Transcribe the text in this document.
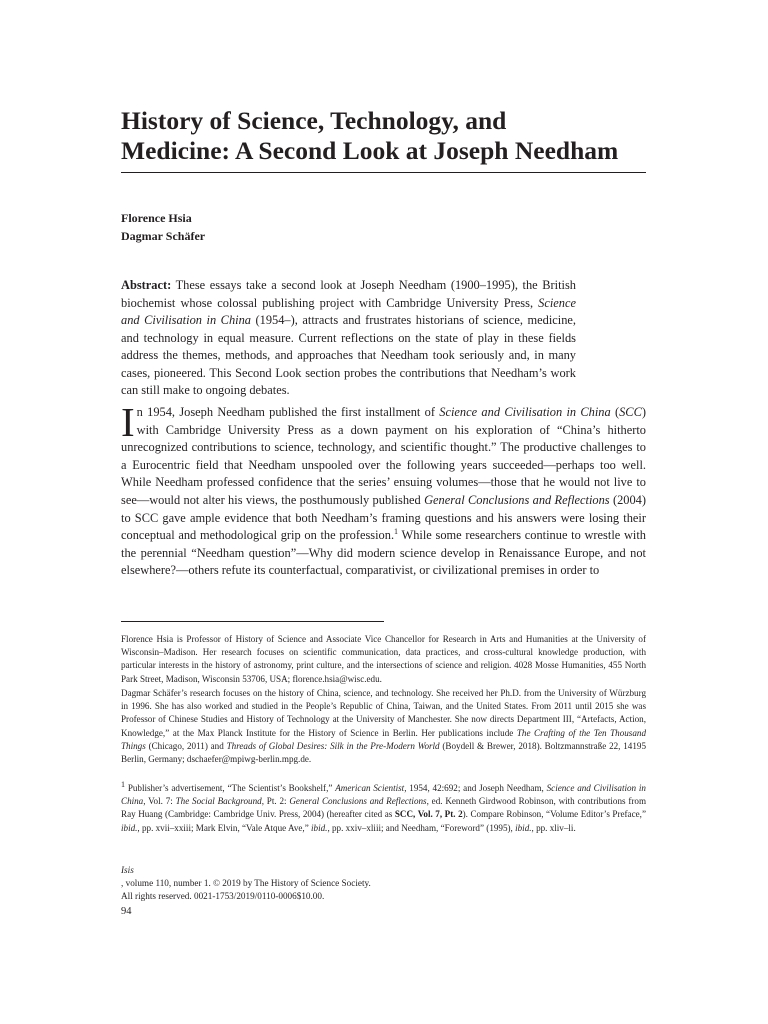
History of Science, Technology, and
Medicine: A Second Look at Joseph Needham
Florence Hsia
Dagmar Schäfer

Abstract: These essays take a second look at Joseph Needham (1900–1995), the British biochemist whose colossal publishing project with Cambridge University Press, Science and Civilisation in China (1954–), attracts and frustrates historians of science, medicine, and technology in equal measure. Current reflections on the state of play in these fields address the themes, methods, and approaches that Needham took seriously and, in many cases, pioneered. This Second Look section probes the contributions that Needham’s work can still make to ongoing debates.

In 1954, Joseph Needham published the first installment of Science and Civilisation in China (SCC) with Cambridge University Press as a down payment on his exploration of “China’s hitherto unrecognized contributions to science, technology, and scientific thought.” The productive challenges to a Eurocentric field that Needham unspooled over the following years succeeded—perhaps too well. While Needham professed confidence that the series’ ensuing volumes—those that he would not live to see—would not alter his views, the posthumously published General Conclusions and Reflections (2004) to SCC gave ample evidence that both Needham’s framing questions and his answers were losing their conceptual and methodological grip on the profession.$^1$ While some researchers continue to wrestle with the perennial “Needham question”—Why did modern science develop in Renaissance Europe, and not elsewhere?—others refute its counterfactual, comparativist, or civilizational premises in order to

Florence Hsia is Professor of History of Science and Associate Vice Chancellor for Research in Arts and Humanities at the University of Wisconsin–Madison. Her research focuses on scientific communication, data practices, and cross-cultural knowledge production, with particular interests in the history of astronomy, print culture, and the intersections of science and religion. 4028 Mosse Humanities, 455 North Park Street, Madison, Wisconsin 53706, USA; florence.hsia@wisc.edu.

Dagmar Schäfer’s research focuses on the history of China, science, and technology. She received her Ph.D. from the University of Würzburg in 1996. She has also worked and studied in the People’s Republic of China, Taiwan, and the United States. From 2011 until 2015 she was Professor of Chinese Studies and History of Technology at the University of Manchester. She now directs Department III, “Artefacts, Action, Knowledge,” at the Max Planck Institute for the History of Science in Berlin. Her publications include The Crafting of the Ten Thousand Things (Chicago, 2011) and Threads of Global Desires: Silk in the Pre-Modern World (Boydell & Brewer, 2018). Boltzmannstraße 22, 14195 Berlin, Germany; dschaefer@mpiwg-berlin.mpg.de.

$^1$ Publisher’s advertisement, “The Scientist’s Bookshelf,” American Scientist, 1954, 42:692; and Joseph Needham, Science and Civilisation in China, Vol. 7: The Social Background, Pt. 2: General Conclusions and Reflections, ed. Kenneth Girdwood Robinson, with contributions from Ray Huang (Cambridge: Cambridge Univ. Press, 2004) (hereafter cited as SCC, Vol. 7, Pt. 2). Compare Robinson, “Volume Editor’s Preface,” ibid., pp. xvii–xxiii; Mark Elvin, “Vale Atque Ave,” ibid., pp. xxiv–xliii; and Needham, “Foreword” (1995), ibid., pp. xliv–li.

Isis
, volume 110, number 1. © 2019 by The History of Science Society.
All rights reserved. 0021-1753/2019/0110-0006$10.00.
94
